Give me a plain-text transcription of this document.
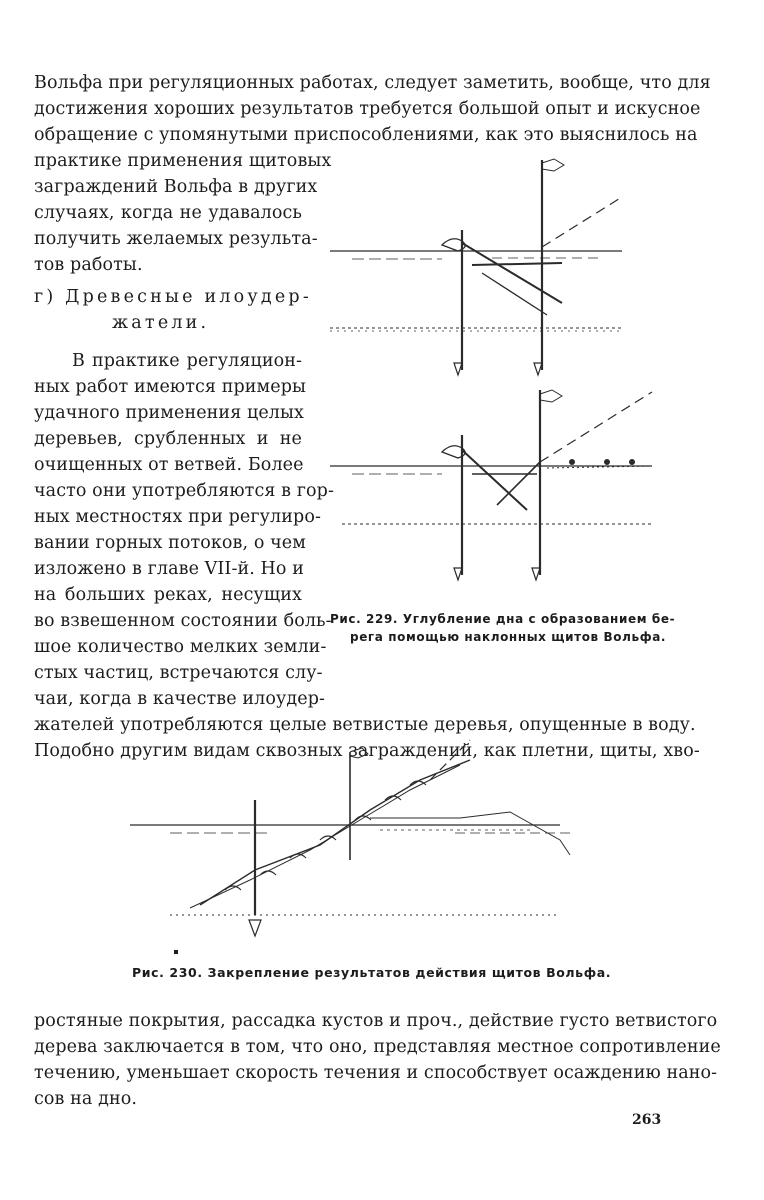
Вольфа при регуляционных работах, следует заметить, вообще, что для
достижения хороших результатов требуется большой опыт и искусное
обращение с упомянутыми приспособлениями, как это выяснилось на
практике применения щитовых
заграждений Вольфа в других
случаях, когда не удавалось
получить желаемых результа-
тов работы.
г) Древесные илоудер-
жатели.
В практике регуляцион-
ных работ имеются примеры
удачного применения целых
деревьев, срубленных и не
очищенных от ветвей. Более
часто они употребляются в гор-
ных местностях при регулиро-
вании горных потоков, о чем
изложено в главе VII-й. Но и
на больших реках, несущих
во взвешенном состоянии боль-
шое количество мелких земли-
стых частиц, встречаются слу-
чаи, когда в качестве илоудер-
жателей употребляются целые ветвистые деревья, опущенные в воду.
Подобно другим видам сквозных заграждений, как плетни, щиты, хво-
Рис. 229. Углубление дна с образованием бе-
рега помощью наклонных щитов Вольфа.
Рис. 230. Закрепление результатов действия щитов Вольфа.
ростяные покрытия, рассадка кустов и проч., действие густо ветвистого
дерева заключается в том, что оно, представляя местное сопротивление
течению, уменьшает скорость течения и способствует осаждению нано-
сов на дно.
263
